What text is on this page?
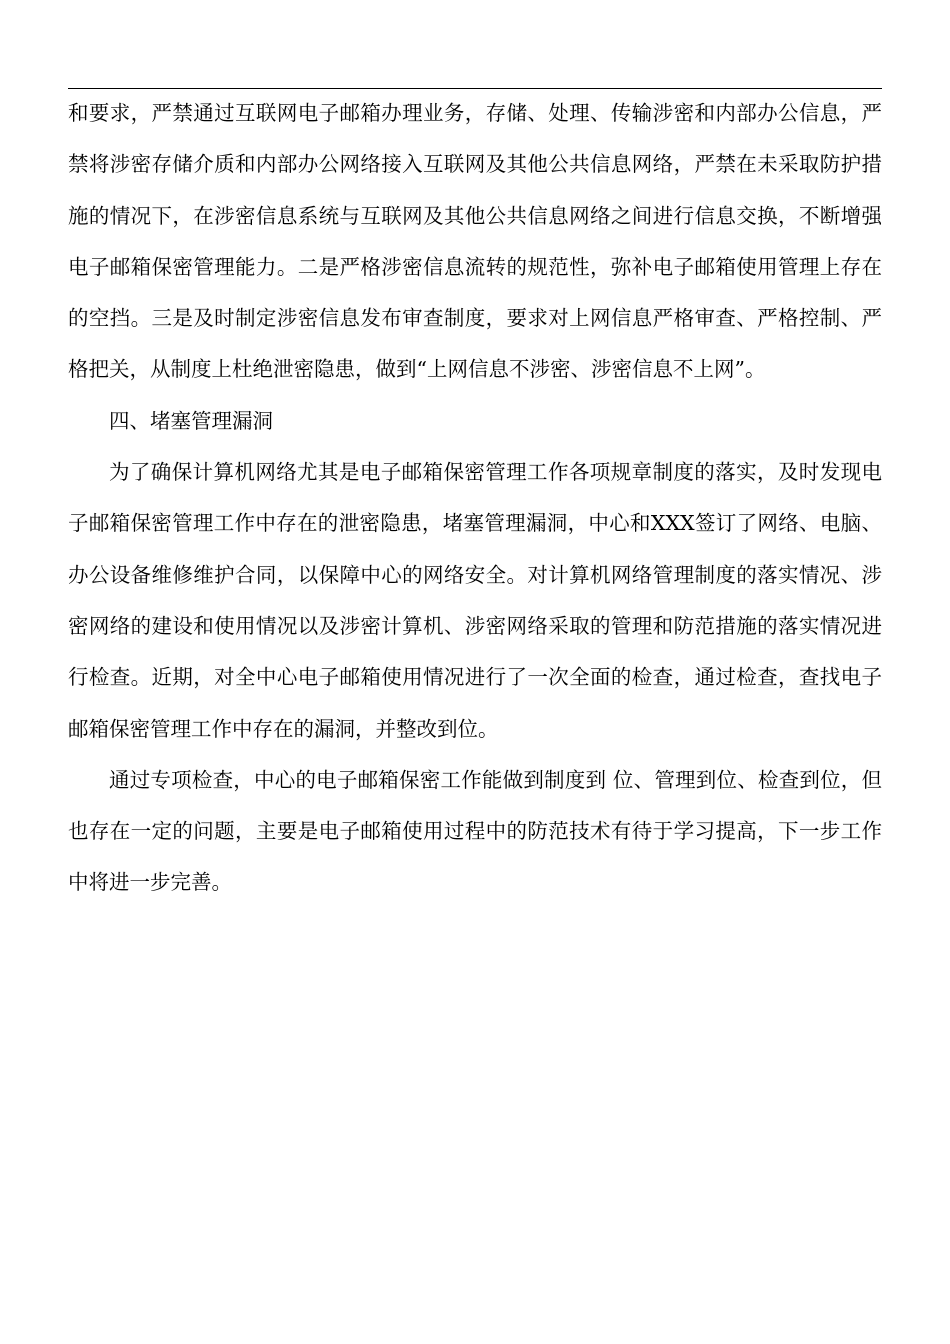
和要求，严禁通过互联网电子邮箱办理业务，存储、处理、传输涉密和内部办公信息，严禁将涉密存储介质和内部办公网络接入互联网及其他公共信息网络，严禁在未采取防护措施的情况下，在涉密信息系统与互联网及其他公共信息网络之间进行信息交换，不断增强电子邮箱保密管理能力。二是严格涉密信息流转的规范性，弥补电子邮箱使用管理上存在的空挡。三是及时制定涉密信息发布审查制度，要求对上网信息严格审查、严格控制、严格把关，从制度上杜绝泄密隐患，做到“上网信息不涉密、涉密信息不上网”。

四、堵塞管理漏洞

为了确保计算机网络尤其是电子邮箱保密管理工作各项规章制度的落实，及时发现电子邮箱保密管理工作中存在的泄密隐患，堵塞管理漏洞，中心和XXX签订了网络、电脑、办公设备维修维护合同，以保障中心的网络安全。对计算机网络管理制度的落实情况、涉密网络的建设和使用情况以及涉密计算机、涉密网络采取的管理和防范措施的落实情况进行检查。近期，对全中心电子邮箱使用情况进行了一次全面的检查，通过检查，查找电子邮箱保密管理工作中存在的漏洞，并整改到位。

通过专项检查，中心的电子邮箱保密工作能做到制度到 位、管理到位、检查到位，但也存在一定的问题，主要是电子邮箱使用过程中的防范技术有待于学习提高，下一步工作中将进一步完善。
